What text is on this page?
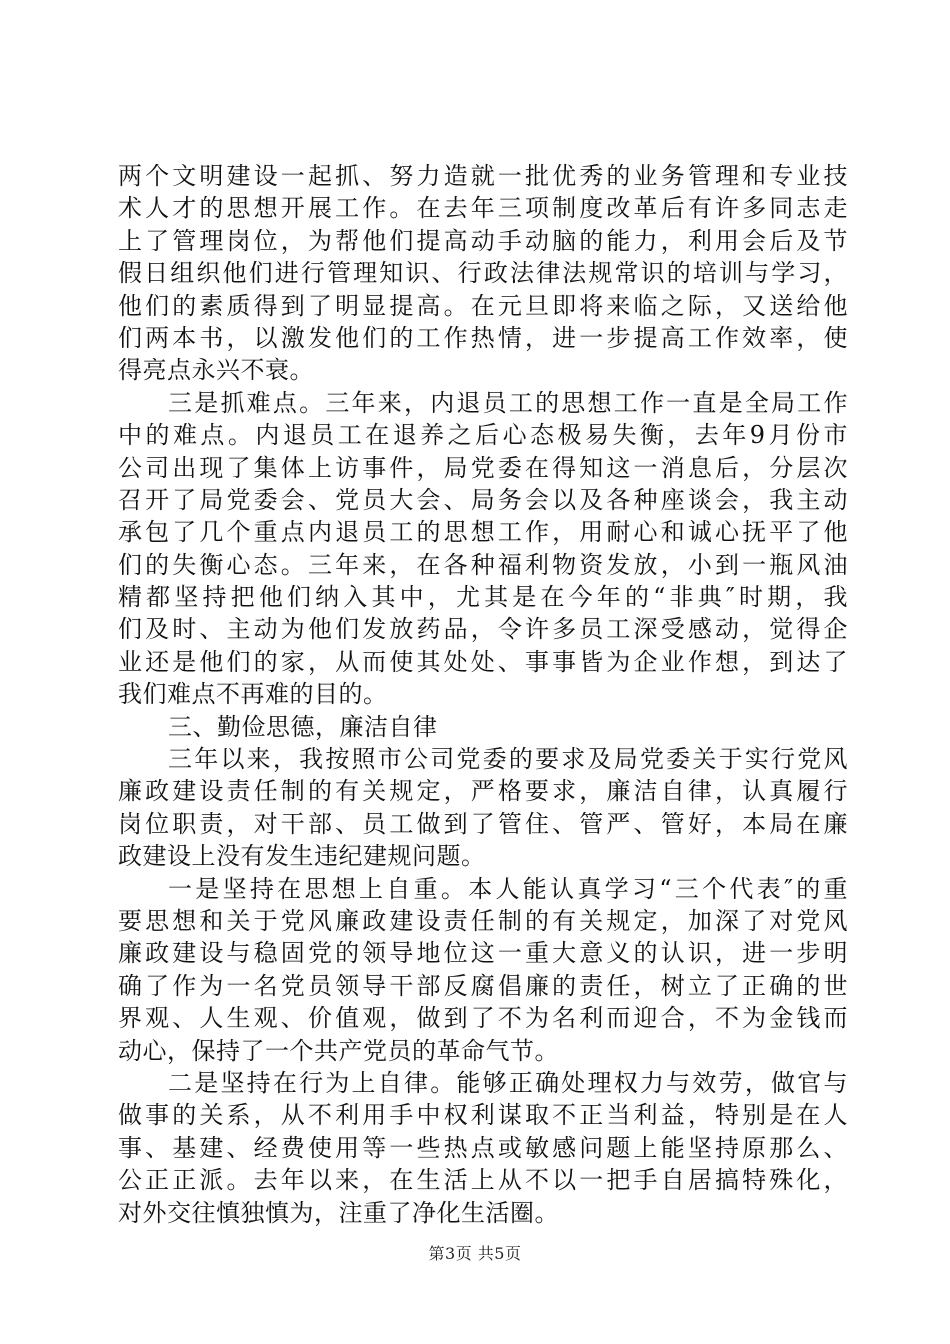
两个文明建设一起抓、努力造就一批优秀的业务管理和专业技
术人才的思想开展工作。在去年三项制度改革后有许多同志走
上了管理岗位，为帮他们提高动手动脑的能力，利用会后及节
假日组织他们进行管理知识、行政法律法规常识的培训与学习，
他们的素质得到了明显提高。在元旦即将来临之际，又送给他
们两本书，以激发他们的工作热情，进一步提高工作效率，使
得亮点永兴不衰。
三是抓难点。三年来，内退员工的思想工作一直是全局工作
中的难点。内退员工在退养之后心态极易失衡，去年9月份市
公司出现了集体上访事件，局党委在得知这一消息后，分层次
召开了局党委会、党员大会、局务会以及各种座谈会，我主动
承包了几个重点内退员工的思想工作，用耐心和诚心抚平了他
们的失衡心态。三年来，在各种福利物资发放，小到一瓶风油
精都坚持把他们纳入其中，尤其是在今年的“非典″时期，我
们及时、主动为他们发放药品，令许多员工深受感动，觉得企
业还是他们的家，从而使其处处、事事皆为企业作想，到达了
我们难点不再难的目的。
三、勤俭思德，廉洁自律
三年以来，我按照市公司党委的要求及局党委关于实行党风
廉政建设责任制的有关规定，严格要求，廉洁自律，认真履行
岗位职责，对干部、员工做到了管住、管严、管好，本局在廉
政建设上没有发生违纪建规问题。
一是坚持在思想上自重。本人能认真学习“三个代表″的重
要思想和关于党风廉政建设责任制的有关规定，加深了对党风
廉政建设与稳固党的领导地位这一重大意义的认识，进一步明
确了作为一名党员领导干部反腐倡廉的责任，树立了正确的世
界观、人生观、价值观，做到了不为名利而迎合，不为金钱而
动心，保持了一个共产党员的革命气节。
二是坚持在行为上自律。能够正确处理权力与效劳，做官与
做事的关系，从不利用手中权利谋取不正当利益，特别是在人
事、基建、经费使用等一些热点或敏感问题上能坚持原那么、
公正正派。去年以来，在生活上从不以一把手自居搞特殊化，
对外交往慎独慎为，注重了净化生活圈。
第3页 共5页
